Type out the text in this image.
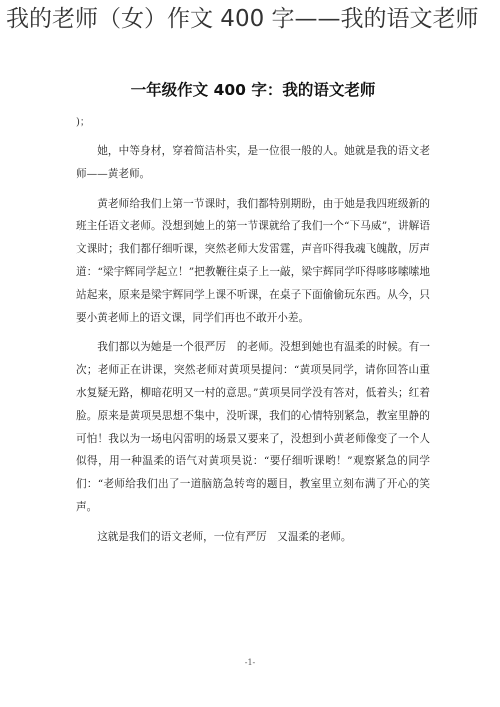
我的老师（女）作文 400 字——我的语文老师
一年级作文 400 字：我的语文老师
)；

她，中等身材，穿着简洁朴实，是一位很一般的人。她就是我的语文老师——黄老师。

黄老师给我们上第一节课时，我们都特别期盼，由于她是我四班级新的班主任语文老师。没想到她上的第一节课就给了我们一个“下马威”，讲解语文课时；我们都仔细听课，突然老师大发雷霆，声音吓得我魂飞魄散，厉声道：“梁宇辉同学起立！”把教鞭往桌子上一敲，梁宇辉同学吓得哆哆嗦嗦地站起来，原来是梁宇辉同学上课不听课，在桌子下面偷偷玩东西。从今，只要小黄老师上的语文课，同学们再也不敢开小差。

我们都以为她是一个很严厉　的老师。没想到她也有温柔的时候。有一次；老师正在讲课，突然老师对黄项昊提问：“黄项昊同学，请你回答山重水复疑无路，柳暗花明又一村的意思。”黄项昊同学没有答对，低着头；红着脸。原来是黄项昊思想不集中，没听课，我们的心情特别紧急，教室里静的可怕！我以为一场电闪雷明的场景又要来了，没想到小黄老师像变了一个人似得，用一种温柔的语气对黄项昊说：“要仔细听课哟！”观察紧急的同学们：“老师给我们出了一道脑筋急转弯的题目，教室里立刻布满了开心的笑声。

这就是我们的语文老师，一位有严厉　又温柔的老师。

-1-
